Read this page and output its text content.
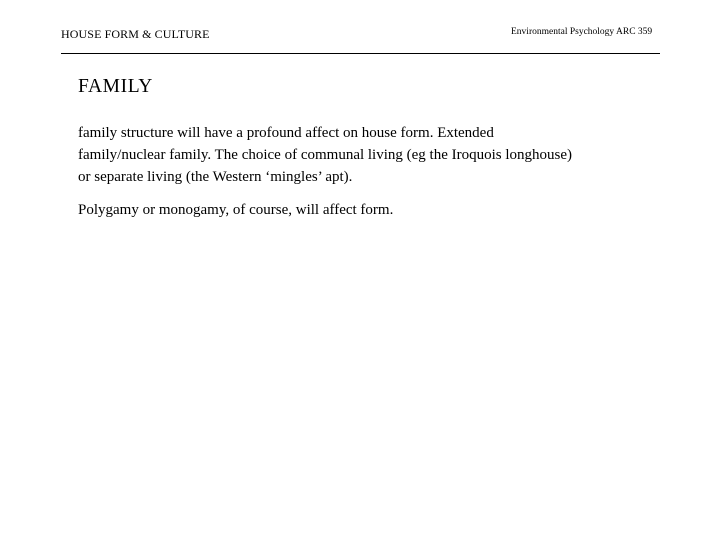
HOUSE FORM & CULTURE	Environmental Psychology ARC 359
FAMILY
family structure will have a profound affect on house form. Extended
family/nuclear family. The choice of communal living (eg the Iroquois longhouse)
or separate living (the Western ‘mingles’ apt).
Polygamy or monogamy, of course, will affect form.
